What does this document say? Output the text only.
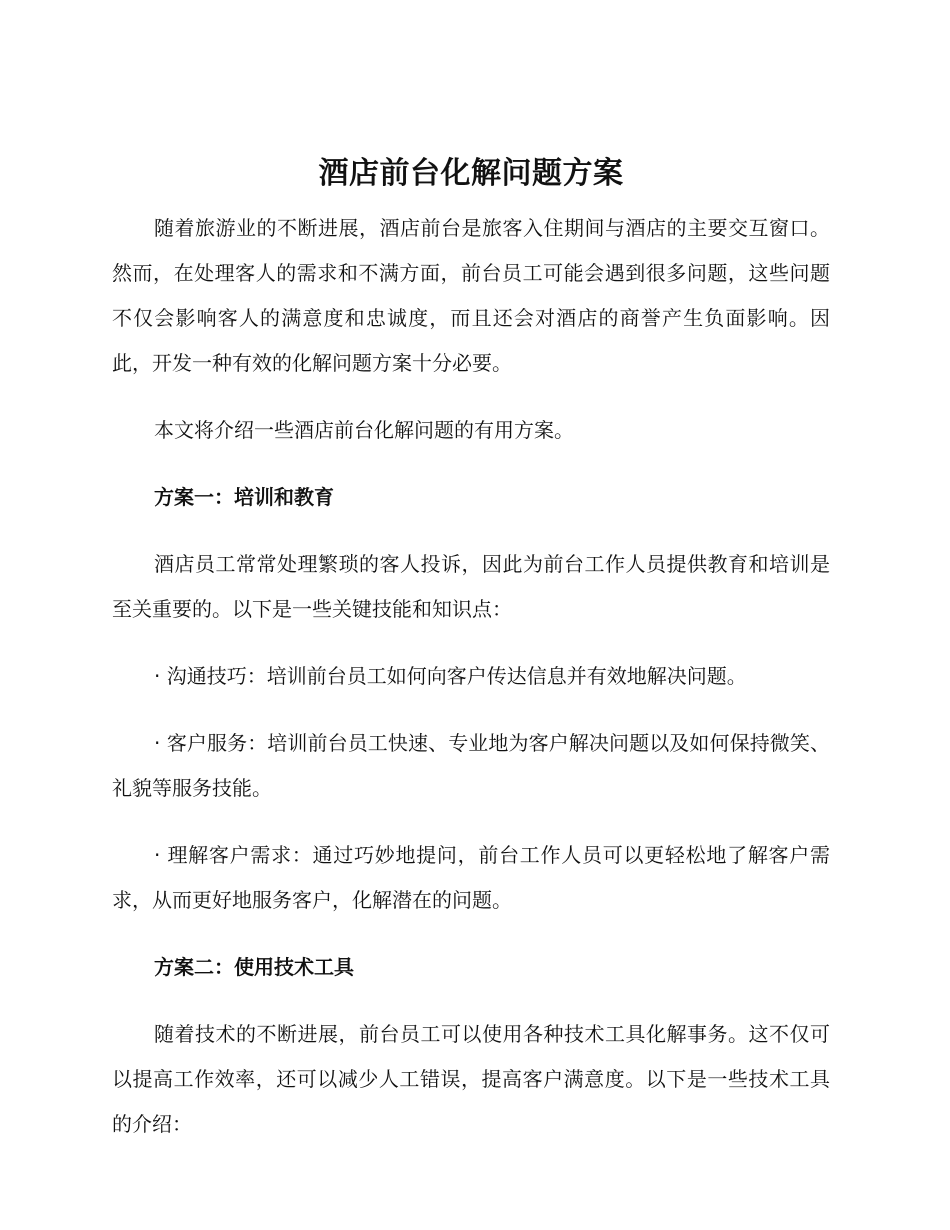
酒店前台化解问题方案

随着旅游业的不断进展，酒店前台是旅客入住期间与酒店的主要交互窗口。然而，在处理客人的需求和不满方面，前台员工可能会遇到很多问题，这些问题不仅会影响客人的满意度和忠诚度，而且还会对酒店的商誉产生负面影响。因此，开发一种有效的化解问题方案十分必要。

本文将介绍一些酒店前台化解问题的有用方案。

方案一：培训和教育

酒店员工常常处理繁琐的客人投诉，因此为前台工作人员提供教育和培训是至关重要的。以下是一些关键技能和知识点：

· 沟通技巧：培训前台员工如何向客户传达信息并有效地解决问题。

· 客户服务：培训前台员工快速、专业地为客户解决问题以及如何保持微笑、礼貌等服务技能。

· 理解客户需求：通过巧妙地提问，前台工作人员可以更轻松地了解客户需求，从而更好地服务客户，化解潜在的问题。

方案二：使用技术工具

随着技术的不断进展，前台员工可以使用各种技术工具化解事务。这不仅可以提高工作效率，还可以减少人工错误，提高客户满意度。以下是一些技术工具的介绍：
